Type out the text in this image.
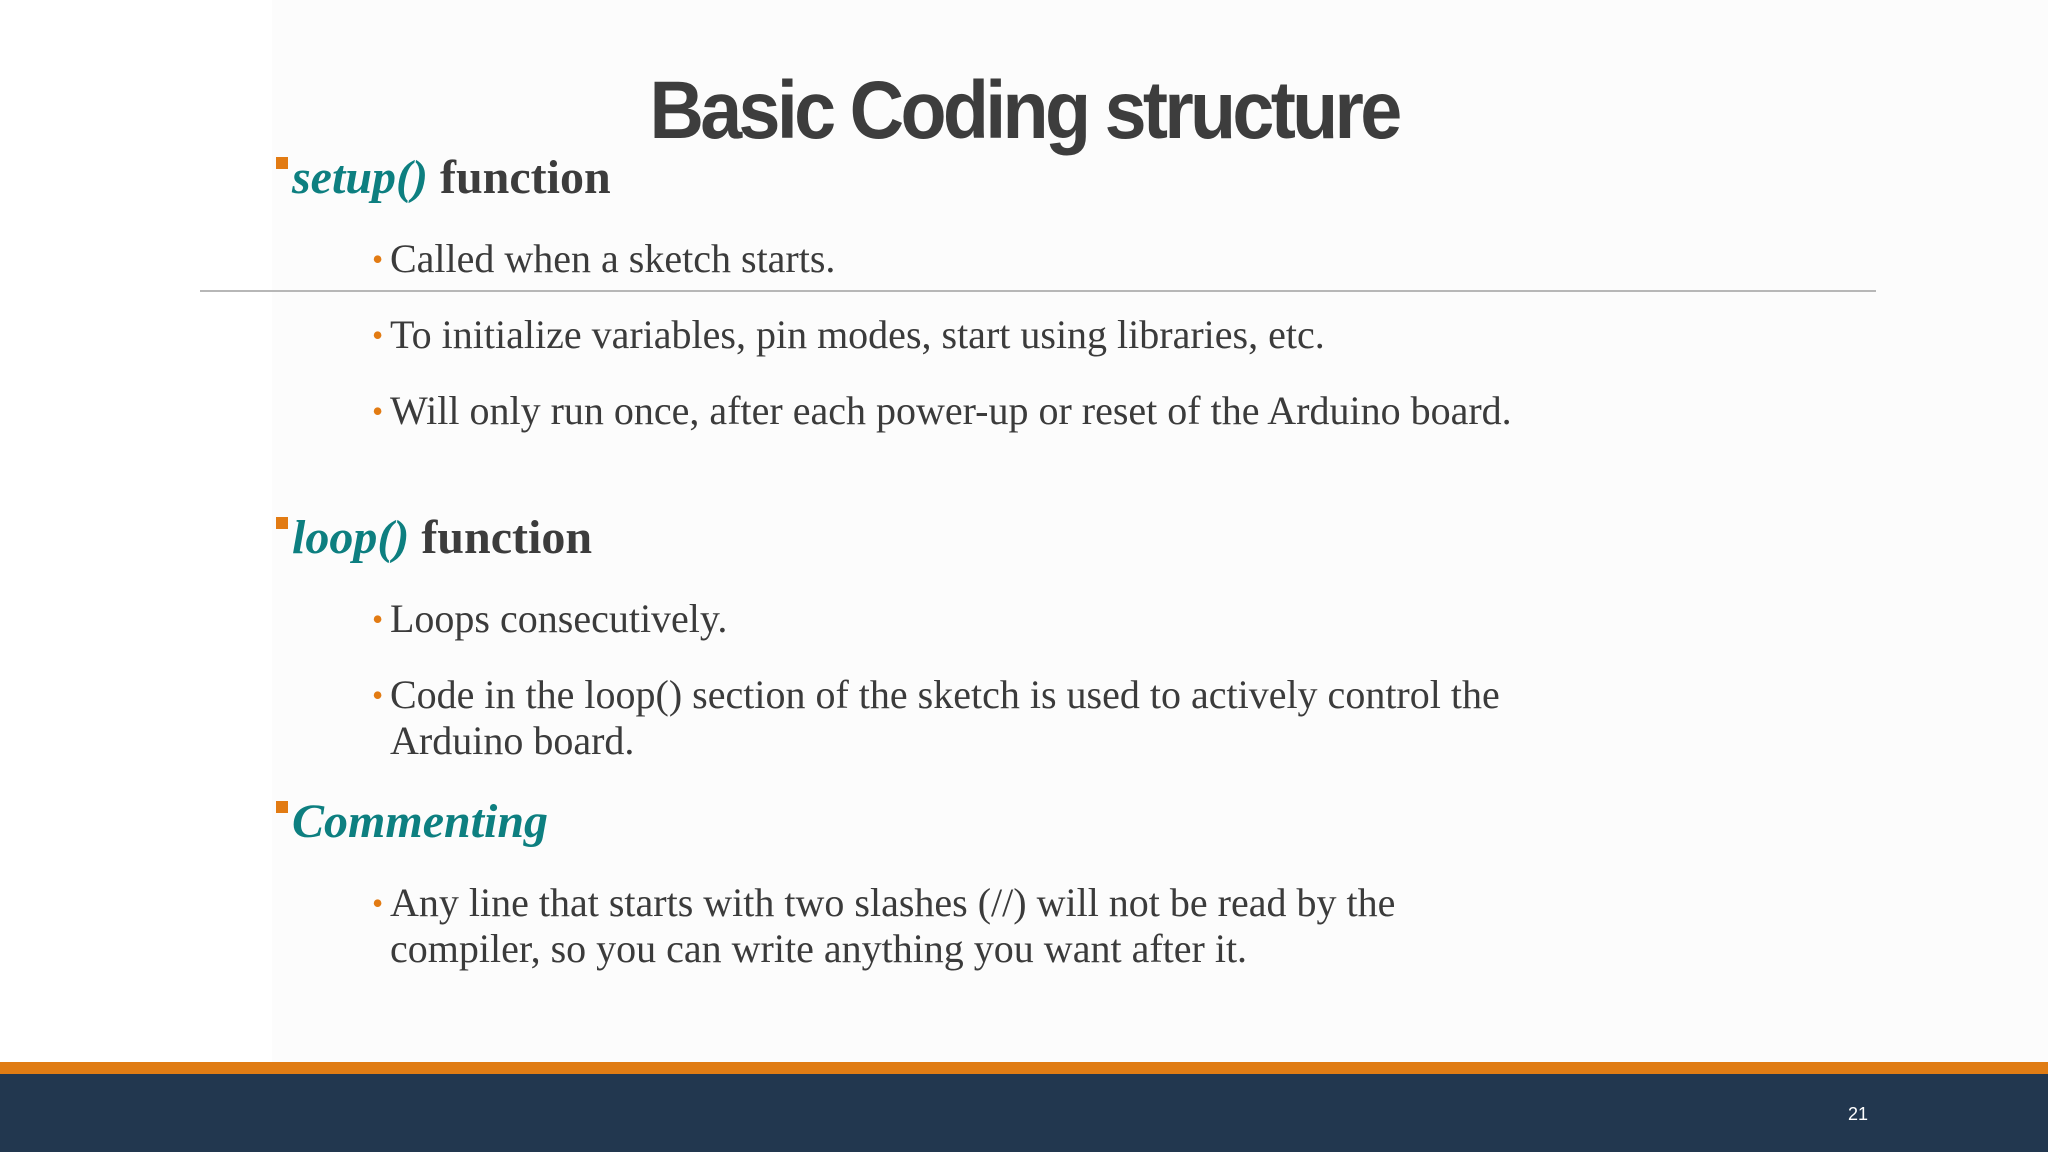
Basic Coding structure
setup() function
• Called when a sketch starts.
• To initialize variables, pin modes, start using libraries, etc.
• Will only run once, after each power-up or reset of the Arduino board.
loop() function
• Loops consecutively.
• Code in the loop() section of the sketch is used to actively control the Arduino board.
Commenting
• Any line that starts with two slashes (//) will not be read by the compiler, so you can write anything you want after it.
21
